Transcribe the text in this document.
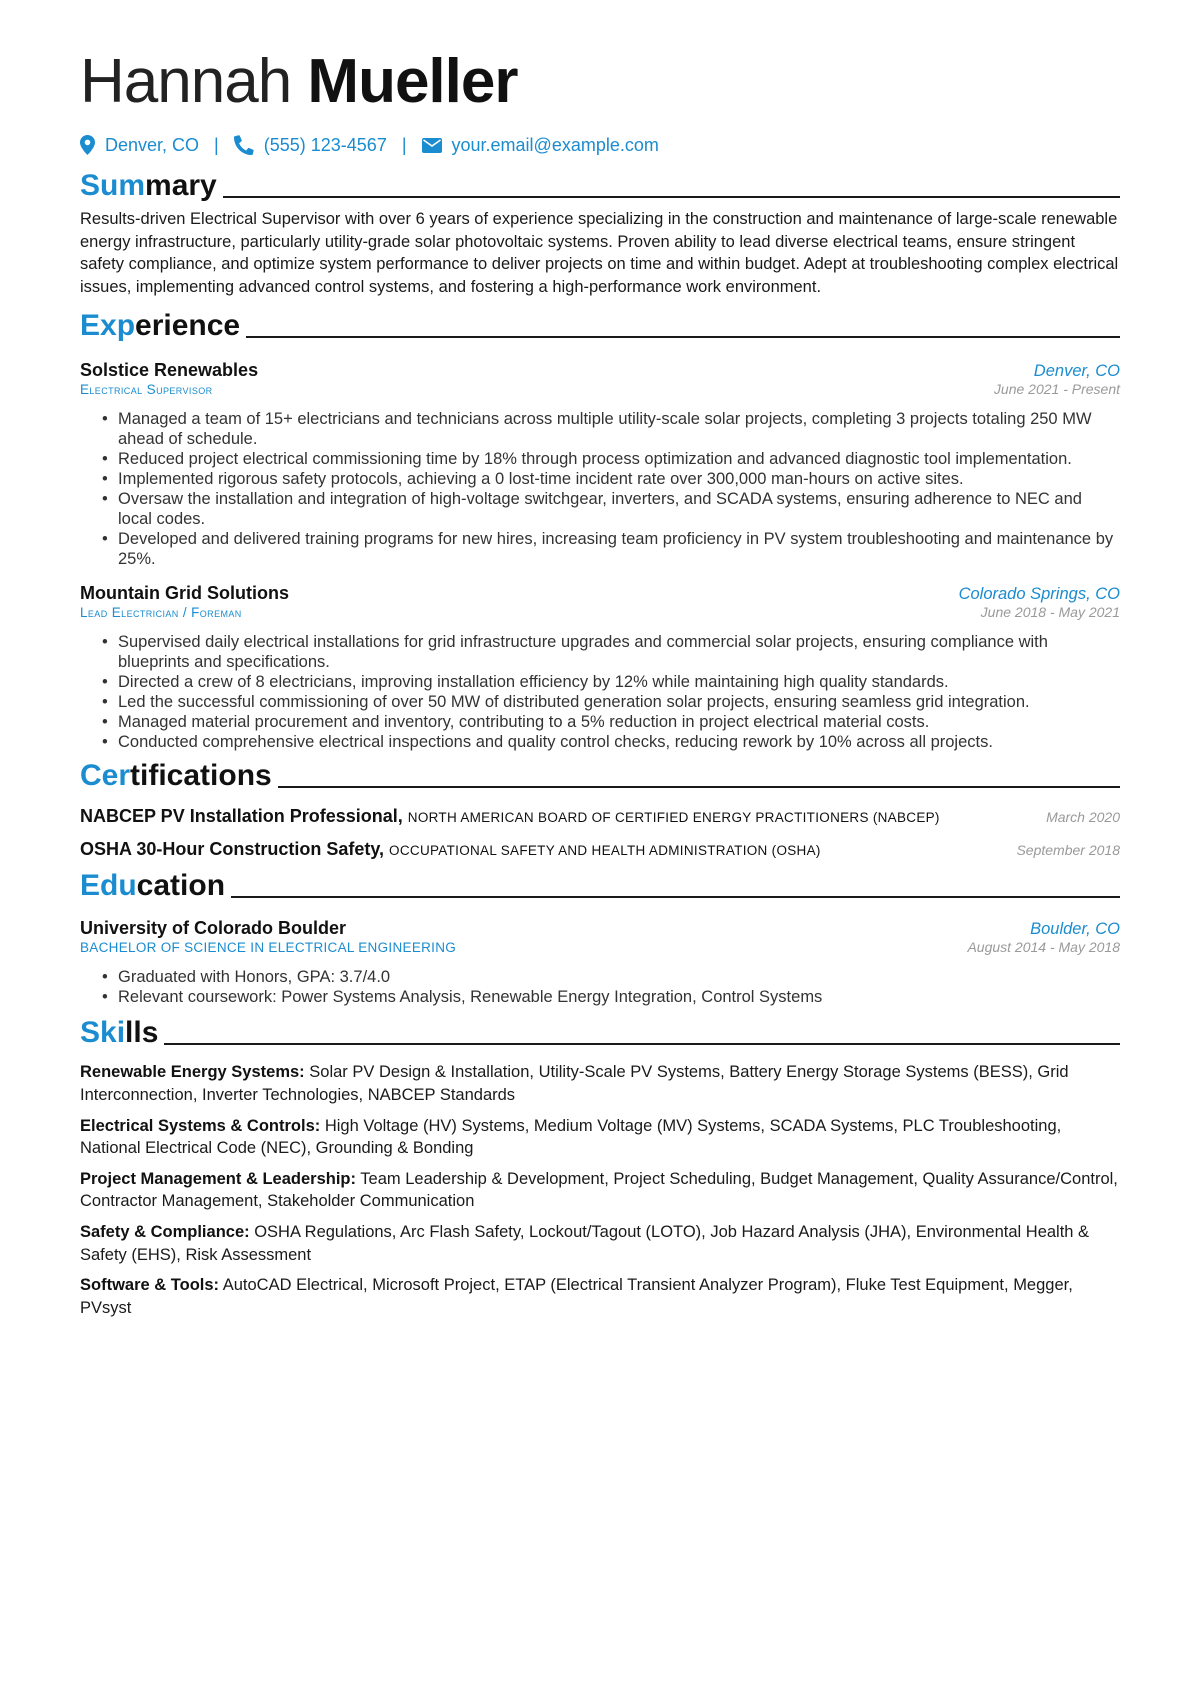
Hannah Mueller
Denver, CO |	(555) 123-4567 |	your.email@example.com
Summary

Results-driven Electrical Supervisor with over 6 years of experience specializing in the construction and maintenance of large-scale renewable energy infrastructure, particularly utility-grade solar photovoltaic systems. Proven ability to lead diverse electrical teams, ensure stringent safety compliance, and optimize system performance to deliver projects on time and within budget. Adept at troubleshooting complex electrical issues, implementing advanced control systems, and fostering a high-performance work environment.

Experience
Solstice Renewables	Denver, CO
Electrical Supervisor	June 2021 - Present
• Managed a team of 15+ electricians and technicians across multiple utility-scale solar projects, completing 3 projects totaling 250 MW ahead of schedule.
• Reduced project electrical commissioning time by 18% through process optimization and advanced diagnostic tool implementation.
• Implemented rigorous safety protocols, achieving a 0 lost-time incident rate over 300,000 man-hours on active sites.
• Oversaw the installation and integration of high-voltage switchgear, inverters, and SCADA systems, ensuring adherence to NEC and local codes.
• Developed and delivered training programs for new hires, increasing team proficiency in PV system troubleshooting and maintenance by 25%.
Mountain Grid Solutions	Colorado Springs, CO
Lead Electrician / Foreman	June 2018 - May 2021
• Supervised daily electrical installations for grid infrastructure upgrades and commercial solar projects, ensuring compliance with blueprints and specifications.
• Directed a crew of 8 electricians, improving installation efficiency by 12% while maintaining high quality standards.
• Led the successful commissioning of over 50 MW of distributed generation solar projects, ensuring seamless grid integration.
• Managed material procurement and inventory, contributing to a 5% reduction in project electrical material costs.
• Conducted comprehensive electrical inspections and quality control checks, reducing rework by 10% across all projects.
Certifications
NABCEP PV Installation Professional, NORTH AMERICAN BOARD OF CERTIFIED ENERGY PRACTITIONERS (NABCEP)	March 2020
OSHA 30-Hour Construction Safety, OCCUPATIONAL SAFETY AND HEALTH ADMINISTRATION (OSHA)	September 2018
Education
University of Colorado Boulder	Boulder, CO
BACHELOR OF SCIENCE IN ELECTRICAL ENGINEERING	August 2014 - May 2018
• Graduated with Honors, GPA: 3.7/4.0
• Relevant coursework: Power Systems Analysis, Renewable Energy Integration, Control Systems
Skills

Renewable Energy Systems: Solar PV Design & Installation, Utility-Scale PV Systems, Battery Energy Storage Systems (BESS), Grid Interconnection, Inverter Technologies, NABCEP Standards

Electrical Systems & Controls: High Voltage (HV) Systems, Medium Voltage (MV) Systems, SCADA Systems, PLC Troubleshooting, National Electrical Code (NEC), Grounding & Bonding

Project Management & Leadership: Team Leadership & Development, Project Scheduling, Budget Management, Quality Assurance/Control, Contractor Management, Stakeholder Communication

Safety & Compliance: OSHA Regulations, Arc Flash Safety, Lockout/Tagout (LOTO), Job Hazard Analysis (JHA), Environmental Health & Safety (EHS), Risk Assessment

Software & Tools: AutoCAD Electrical, Microsoft Project, ETAP (Electrical Transient Analyzer Program), Fluke Test Equipment, Megger, PVsyst
